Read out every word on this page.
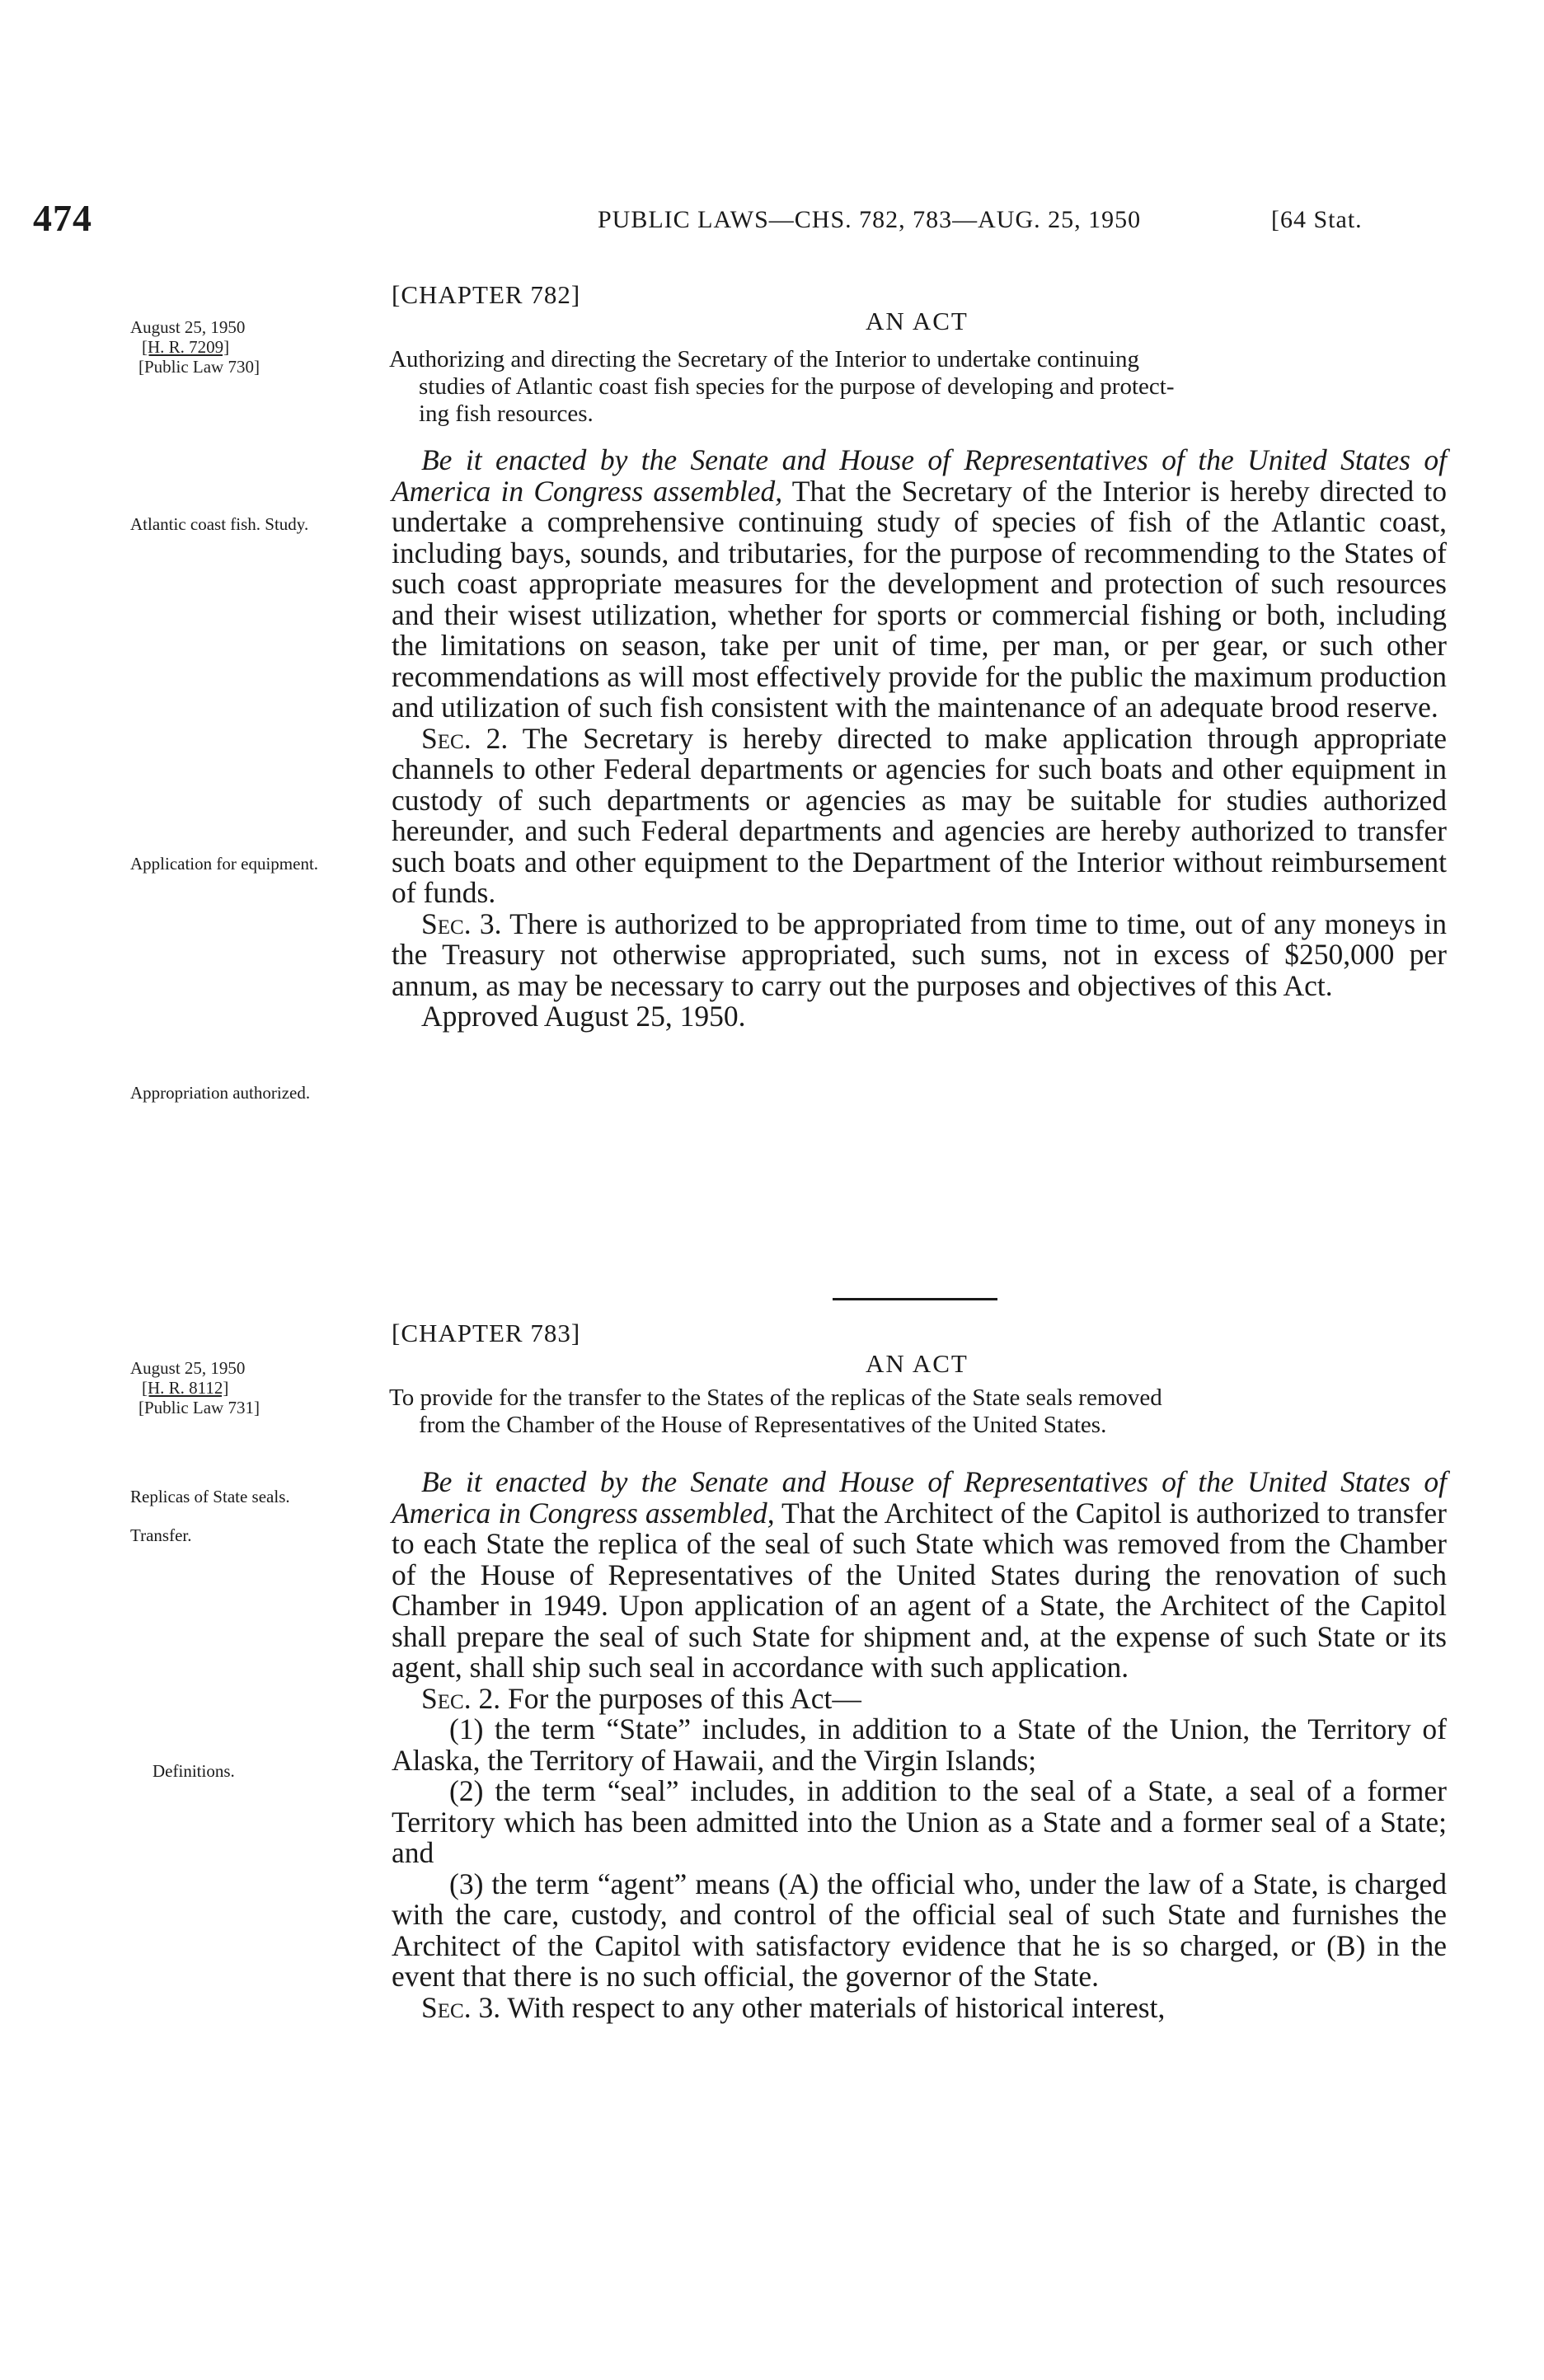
474	PUBLIC LAWS—CHS. 782, 783—AUG. 25, 1950	[64 Stat.
[CHAPTER 782]
AN ACT
August 25, 1950
[H. R. 7209]
[Public Law 730]	Authorizing and directing the Secretary of the Interior to undertake continuing
studies of Atlantic coast fish species for the purpose of developing and protect-
ing fish resources.
Atlantic coast fish. Study.
Application for equipment.
Appropriation authorized.

Be it enacted by the Senate and House of Representatives of the United States of America in Congress assembled, That the Secretary of the Interior is hereby directed to undertake a comprehensive continuing study of species of fish of the Atlantic coast, including bays, sounds, and tributaries, for the purpose of recommending to the States of such coast appropriate measures for the development and protection of such resources and their wisest utilization, whether for sports or commercial fishing or both, including the limitations on season, take per unit of time, per man, or per gear, or such other recommendations as will most effectively provide for the public the maximum production and utilization of such fish consistent with the maintenance of an adequate brood reserve.

Sec. 2. The Secretary is hereby directed to make application through appropriate channels to other Federal departments or agencies for such boats and other equipment in custody of such departments or agencies as may be suitable for studies authorized hereunder, and such Federal departments and agencies are hereby authorized to transfer such boats and other equipment to the Department of the Interior without reimbursement of funds.

Sec. 3. There is authorized to be appropriated from time to time, out of any moneys in the Treasury not otherwise appropriated, such sums, not in excess of $250,000 per annum, as may be necessary to carry out the purposes and objectives of this Act.

Approved August 25, 1950.

[CHAPTER 783]
AN ACT
August 25, 1950
[H. R. 8112]
[Public Law 731]	To provide for the transfer to the States of the replicas of the State seals removed
from the Chamber of the House of Representatives of the United States.
Replicas of State seals.
Transfer.
Definitions.

Be it enacted by the Senate and House of Representatives of the United States of America in Congress assembled, That the Architect of the Capitol is authorized to transfer to each State the replica of the seal of such State which was removed from the Chamber of the House of Representatives of the United States during the renovation of such Chamber in 1949. Upon application of an agent of a State, the Architect of the Capitol shall prepare the seal of such State for shipment and, at the expense of such State or its agent, shall ship such seal in accordance with such application.

Sec. 2. For the purposes of this Act—

(1) the term “State” includes, in addition to a State of the Union, the Territory of Alaska, the Territory of Hawaii, and the Virgin Islands;

(2) the term “seal” includes, in addition to the seal of a State, a seal of a former Territory which has been admitted into the Union as a State and a former seal of a State; and

(3) the term “agent” means (A) the official who, under the law of a State, is charged with the care, custody, and control of the official seal of such State and furnishes the Architect of the Capitol with satisfactory evidence that he is so charged, or (B) in the event that there is no such official, the governor of the State.

Sec. 3. With respect to any other materials of historical interest,
